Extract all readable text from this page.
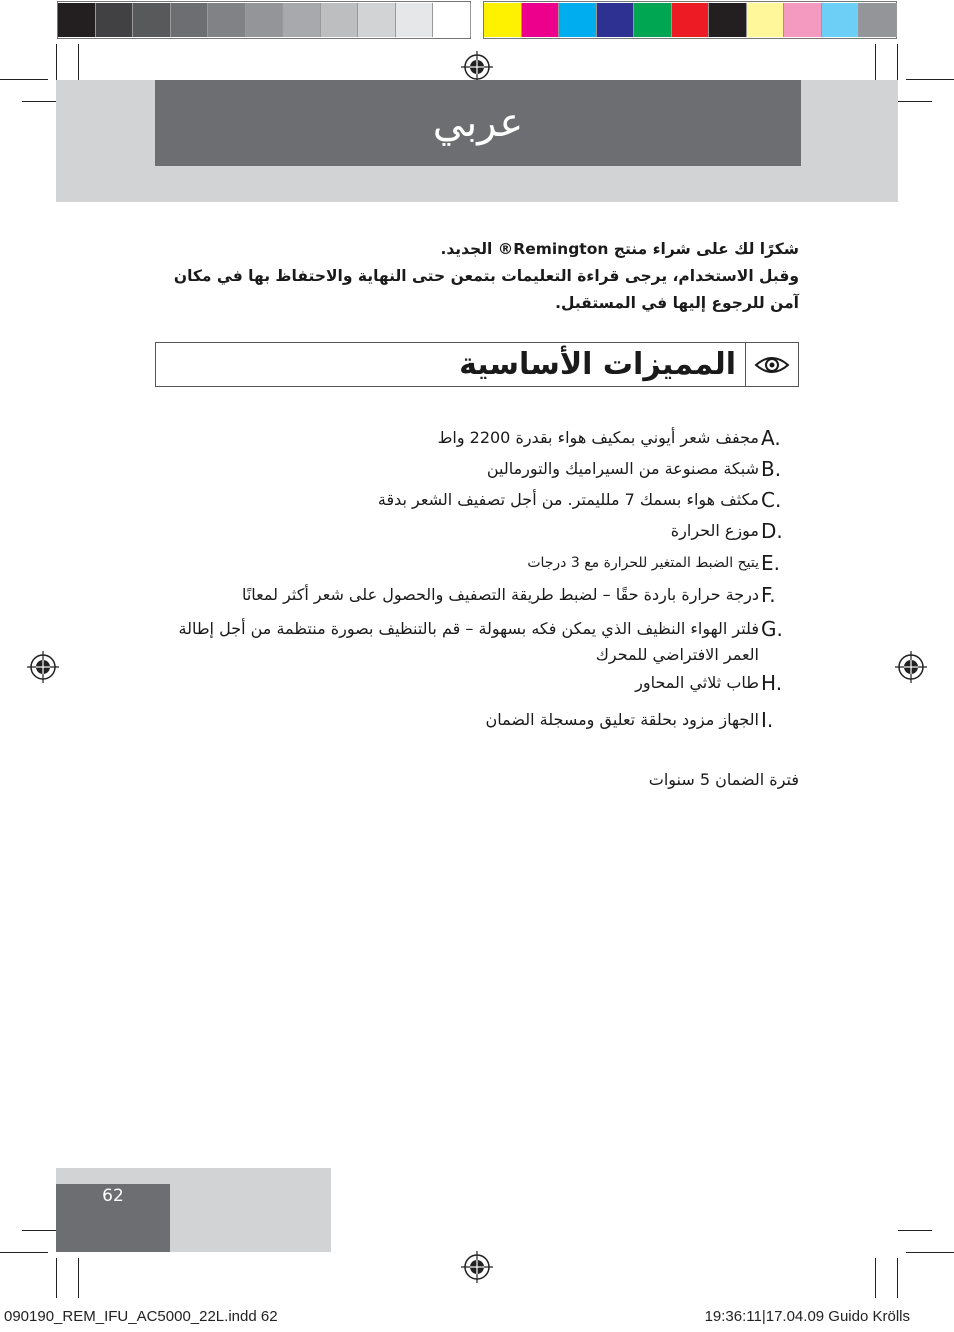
عربي
شكرًا لك على شراء منتج Remington® الجديد.
وقبل الاستخدام، يرجى قراءة التعليمات بتمعن حتى النهاية والاحتفاظ بها في مكان
آمن للرجوع إليها في المستقبل.
المميزات الأساسية
A.
مجفف شعر أيوني بمكيف هواء بقدرة 2200 واط
B.
شبكة مصنوعة من السيراميك والتورمالين
C.
مكثف هواء بسمك 7 ملليمتر. من أجل تصفيف الشعر بدقة
D.
موزع الحرارة
E.
يتيح الضبط المتغير للحرارة مع 3 درجات
F.
درجة حرارة باردة حقًا – لضبط طريقة التصفيف والحصول على شعر أكثر لمعانًا
G.
فلتر الهواء النظيف الذي يمكن فكه بسهولة – قم بالتنظيف بصورة منتظمة من أجل إطالة العمر الافتراضي للمحرك
H.
طاب ثلاثي المحاور
I.
الجهاز مزود بحلقة تعليق ومسجلة الضمان
فترة الضمان 5 سنوات
62
090190_REM_IFU_AC5000_22L.indd 62	19:36:11|17.04.09 Guido Krölls
